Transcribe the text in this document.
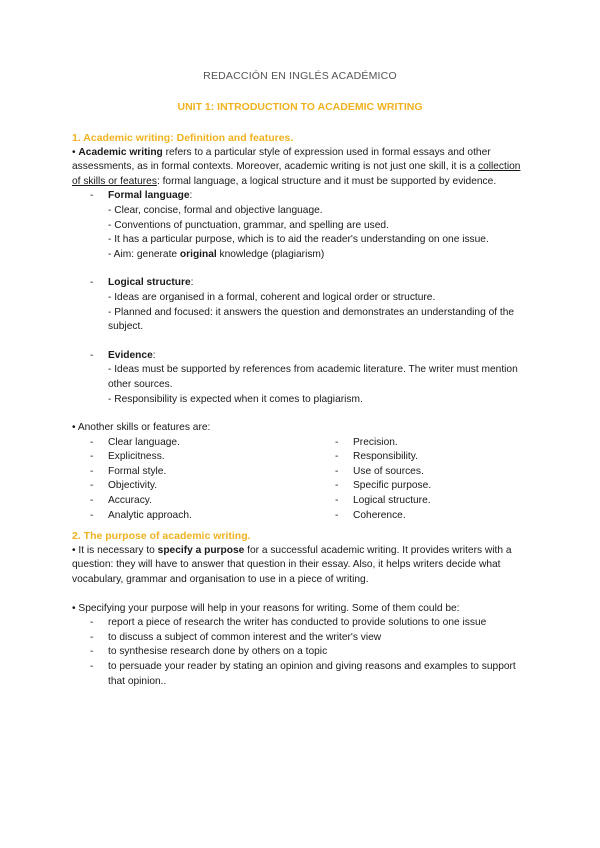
REDACCIÓN EN INGLÉS ACADÉMICO
UNIT 1: INTRODUCTION TO ACADEMIC WRITING

1. Academic writing: Definition and features.

• Academic writing refers to a particular style of expression used in formal essays and other assessments, as in formal contexts. Moreover, academic writing is not just one skill, it is a collection of skills or features: formal language, a logical structure and it must be supported by evidence.

- Formal language:

- Clear, concise, formal and objective language.

- Conventions of punctuation, grammar, and spelling are used.

- It has a particular purpose, which is to aid the reader's understanding on one issue.

- Aim: generate original knowledge (plagiarism)

- Logical structure:

- Ideas are organised in a formal, coherent and logical order or structure.

- Planned and focused: it answers the question and demonstrates an understanding of the subject.

- Evidence:

- Ideas must be supported by references from academic literature. The writer must mention other sources.

- Responsibility is expected when it comes to plagiarism.

• Another skills or features are:

- Clear language.
- Explicitness.
- Formal style.
- Objectivity.
- Accuracy.
- Analytic approach.
- Precision.
- Responsibility.
- Use of sources.
- Specific purpose.
- Logical structure.
- Coherence.

2. The purpose of academic writing.

• It is necessary to specify a purpose for a successful academic writing. It provides writers with a question: they will have to answer that question in their essay. Also, it helps writers decide what vocabulary, grammar and organisation to use in a piece of writing.

• Specifying your purpose will help in your reasons for writing. Some of them could be:

- report a piece of research the writer has conducted to provide solutions to one issue
- to discuss a subject of common interest and the writer's view
- to synthesise research done by others on a topic
- to persuade your reader by stating an opinion and giving reasons and examples to support that opinion..
